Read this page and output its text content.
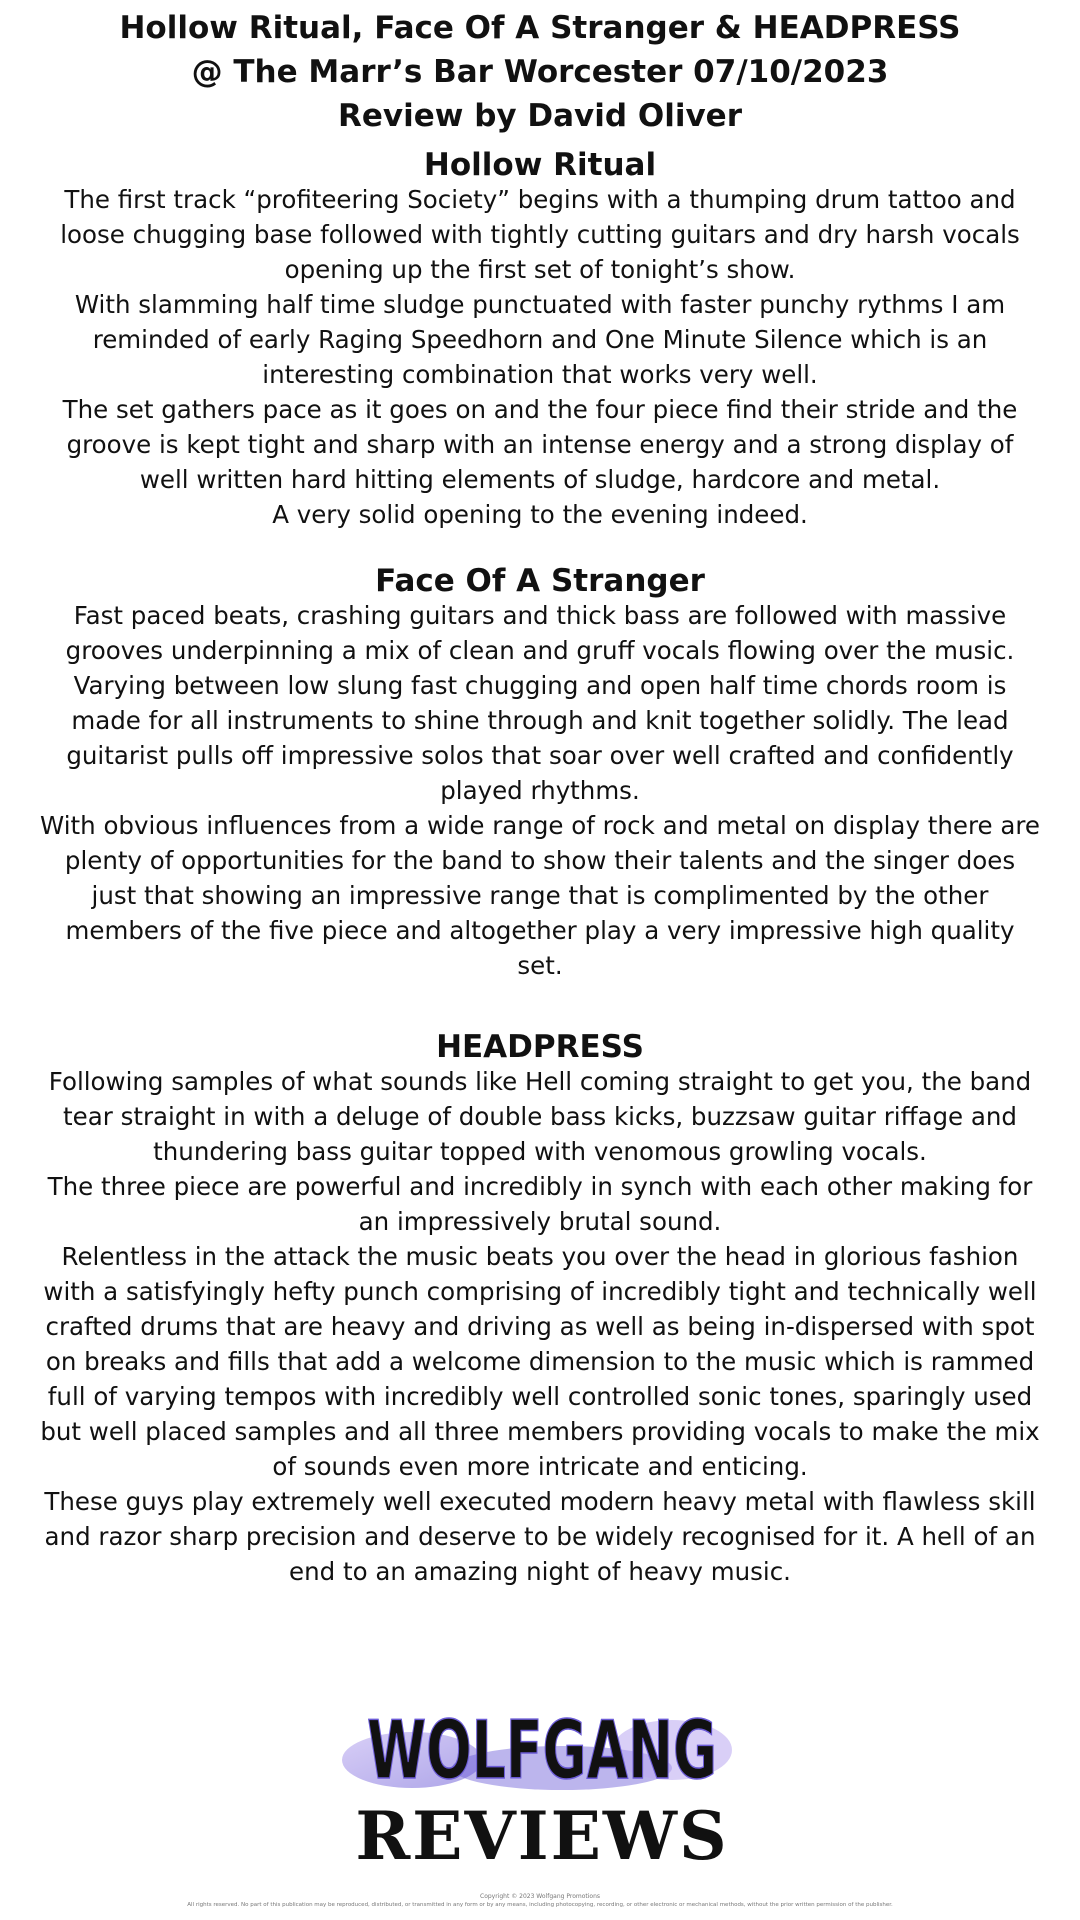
Hollow Ritual, Face Of A Stranger & HEADPRESS

@ The Marr’s Bar Worcester 07/10/2023

Review by David Oliver

Hollow Ritual

The first track “profiteering Society” begins with a thumping drum tattoo and loose chugging base followed with tightly cutting guitars and dry harsh vocals opening up the first set of tonight’s show.

With slamming half time sludge punctuated with faster punchy rythms I am reminded of early Raging Speedhorn and One Minute Silence which is an interesting combination that works very well.

The set gathers pace as it goes on and the four piece find their stride and the groove is kept tight and sharp with an intense energy and a strong display of well written hard hitting elements of sludge, hardcore and metal.

A very solid opening to the evening indeed.

Face Of A Stranger

Fast paced beats, crashing guitars and thick bass are followed with massive grooves underpinning a mix of clean and gruff vocals flowing over the music.

Varying between low slung fast chugging and open half time chords room is made for all instruments to shine through and knit together solidly. The lead guitarist pulls off impressive solos that soar over well crafted and confidently played rhythms.

With obvious influences from a wide range of rock and metal on display there are plenty of opportunities for the band to show their talents and the singer does just that showing an impressive range that is complimented by the other members of the five piece and altogether play a very impressive high quality set.

HEADPRESS

Following samples of what sounds like Hell coming straight to get you, the band tear straight in with a deluge of double bass kicks, buzzsaw guitar riffage and thundering bass guitar topped with venomous growling vocals.

The three piece are powerful and incredibly in synch with each other making for an impressively brutal sound.

Relentless in the attack the music beats you over the head in glorious fashion with a satisfyingly hefty punch comprising of incredibly tight and technically well crafted drums that are heavy and driving as well as being in-dispersed with spot on breaks and fills that add a welcome dimension to the music which is rammed full of varying tempos with incredibly well controlled sonic tones, sparingly used but well placed samples and all three members providing vocals to make the mix of sounds even more intricate and enticing.

These guys play extremely well executed modern heavy metal with flawless skill and razor sharp precision and deserve to be widely recognised for it. A hell of an end to an amazing night of heavy music.

WOLFGANG
REVIEWS
Copyright © 2023 Wolfgang Promotions
All rights reserved. No part of this publication may be reproduced, distributed, or transmitted in any form or by any means, including photocopying, recording, or other electronic or mechanical methods, without the prior written permission of the publisher.
